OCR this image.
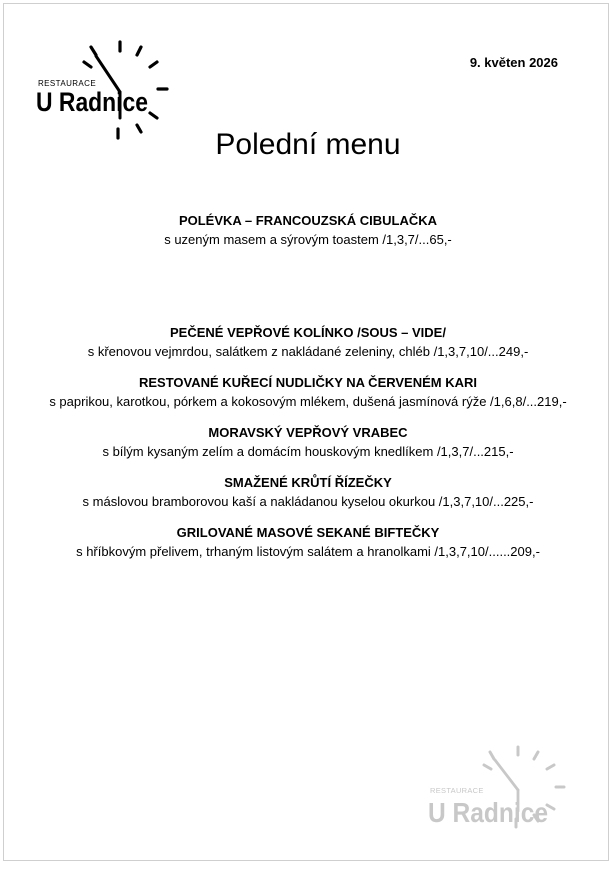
RESTAURACE
U Radnice
9. květen 2026
Polední menu
POLÉVKA – FRANCOUZSKÁ CIBULAČKA
s uzeným masem a sýrovým toastem /1,3,7/...65,-
PEČENÉ VEPŘOVÉ KOLÍNKO /SOUS – VIDE/
s křenovou vejmrdou, salátkem z nakládané zeleniny, chléb /1,3,7,10/...249,-
RESTOVANÉ KUŘECÍ NUDLIČKY NA ČERVENÉM KARI
s paprikou, karotkou, pórkem a kokosovým mlékem, dušená jasmínová rýže /1,6,8/...219,-
MORAVSKÝ VEPŘOVÝ VRABEC
s bílým kysaným zelím a domácím houskovým knedlíkem /1,3,7/...215,-
SMAŽENÉ KRŮTÍ ŘÍZEČKY
s máslovou bramborovou kaší a nakládanou kyselou okurkou /1,3,7,10/...225,-
GRILOVANÉ MASOVÉ SEKANÉ BIFTEČKY
s hříbkovým přelivem, trhaným listovým salátem a hranolkami /1,3,7,10/......209,-
RESTAURACE
U Radnice
